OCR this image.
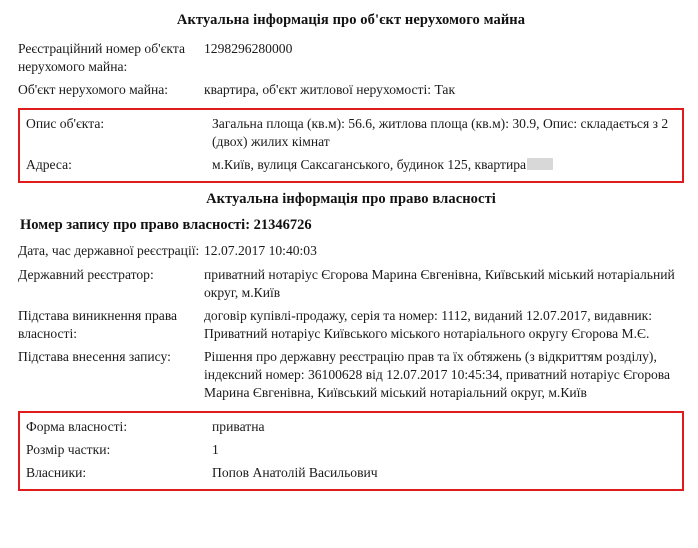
Актуальна інформація про об'єкт нерухомого майна
Реєстраційний номер об'єкта нерухомого майна:	1298296280000
Об'єкт нерухомого майна:	квартира, об'єкт житлової нерухомості: Так
Опис об'єкта:	Загальна площа (кв.м): 56.6, житлова площа (кв.м): 30.9, Опис: складається з 2 (двох) жилих кімнат
Адреса:	м.Київ, вулиця Саксаганського, будинок 125, квартира
Актуальна інформація про право власності
Номер запису про право власності: 21346726
Дата, час державної реєстрації:	12.07.2017 10:40:03
Державний реєстратор:	приватний нотаріус Єгорова Марина Євгенівна, Київський міський нотаріальний округ, м.Київ
Підстава виникнення права власності:	договір купівлі-продажу, серія та номер: 1112, виданий 12.07.2017, видавник: Приватний нотаріус Київського міського нотаріального округу Єгорова М.Є.
Підстава внесення запису:	Рішення про державну реєстрацію прав та їх обтяжень (з відкриттям розділу), індексний номер: 36100628 від 12.07.2017 10:45:34, приватний нотаріус Єгорова Марина Євгенівна, Київський міський нотаріальний округ, м.Київ
Форма власності:	приватна
Розмір частки:	1
Власники:	Попов Анатолій Васильович
